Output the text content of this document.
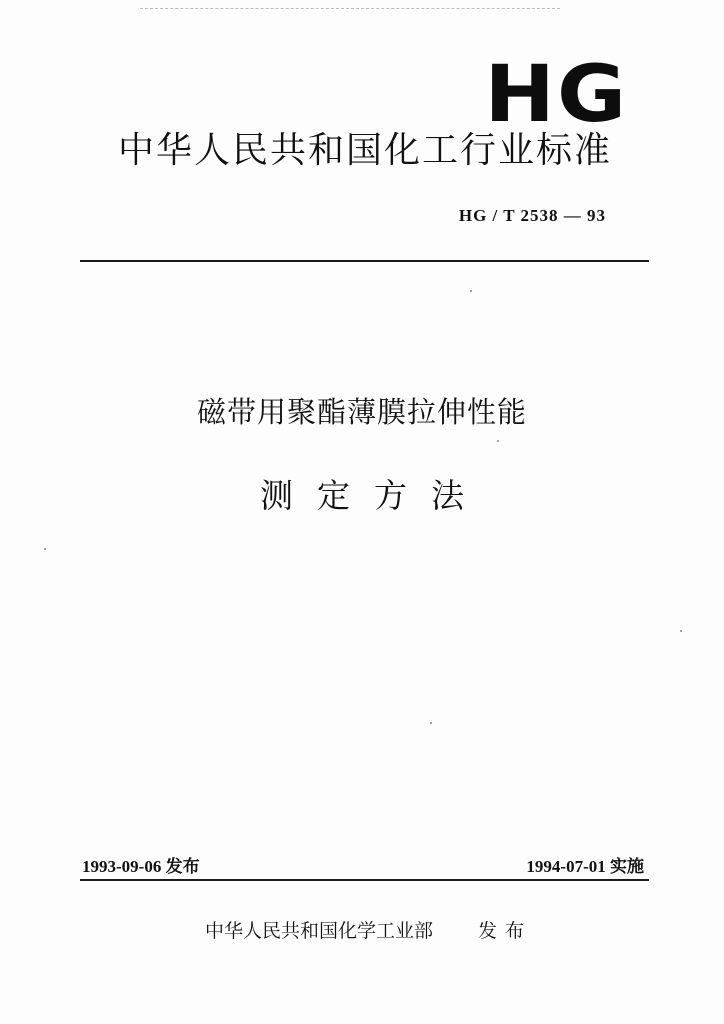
HG
中华人民共和国化工行业标准
HG / T 2538 — 93
磁带用聚酯薄膜拉伸性能
测定方法
1993-09-06 发布	1994-07-01 实施
中华人民共和国化学工业部 发布
